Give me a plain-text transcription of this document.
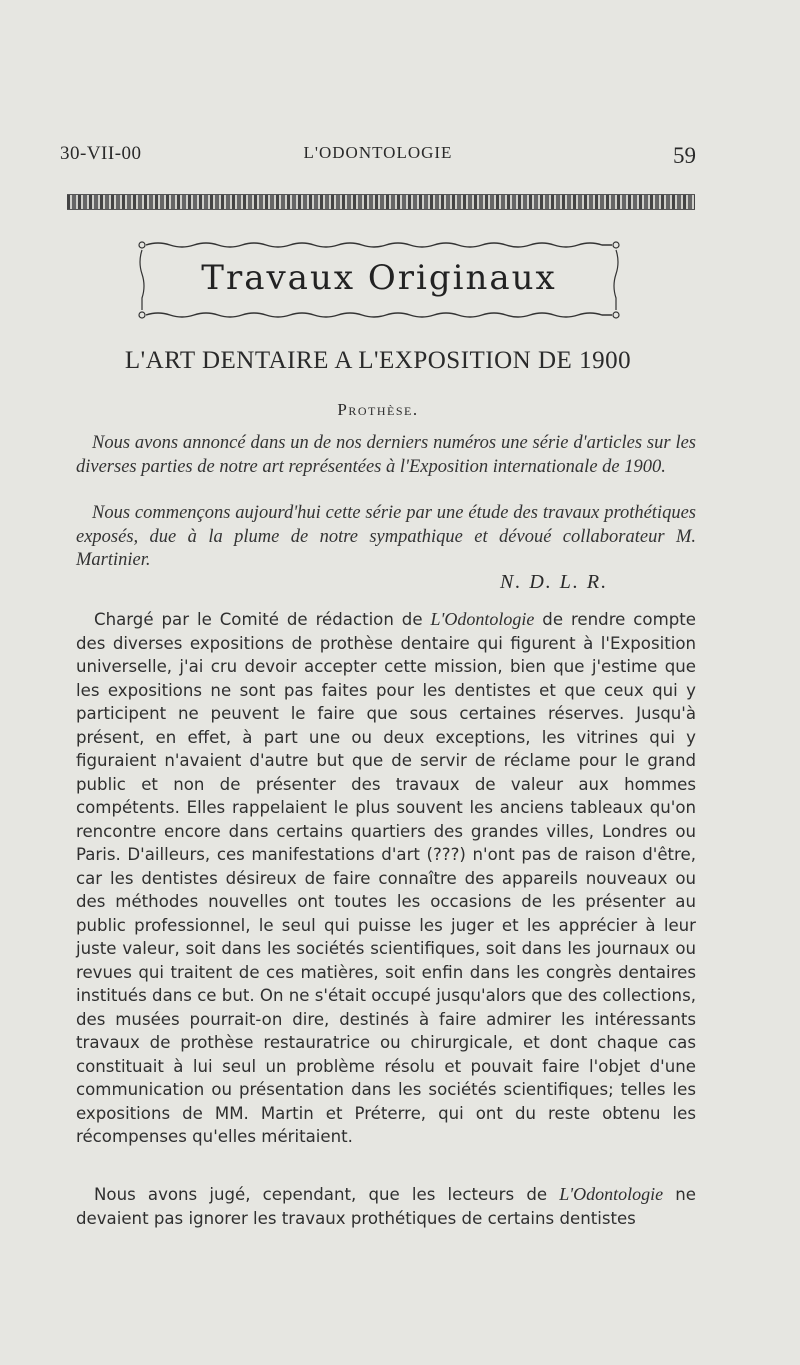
30-VII-00	L'ODONTOLOGIE	59
Travaux Originaux
L'ART DENTAIRE A L'EXPOSITION DE 1900
Prothèse.

Nous avons annoncé dans un de nos derniers numéros une série d'articles sur les diverses parties de notre art représentées à l'Exposition internationale de 1900.

Nous commençons aujourd'hui cette série par une étude des travaux prothétiques exposés, due à la plume de notre sympathique et dévoué collaborateur M. Martinier.

N. D. L. R.

Chargé par le Comité de rédaction de L'Odontologie de rendre compte des diverses expositions de prothèse dentaire qui figurent à l'Exposition universelle, j'ai cru devoir accepter cette mission, bien que j'estime que les expositions ne sont pas faites pour les dentistes et que ceux qui y participent ne peuvent le faire que sous certaines réserves. Jusqu'à présent, en effet, à part une ou deux exceptions, les vitrines qui y figuraient n'avaient d'autre but que de servir de réclame pour le grand public et non de présenter des travaux de valeur aux hommes compétents. Elles rappelaient le plus souvent les anciens tableaux qu'on rencontre encore dans certains quartiers des grandes villes, Londres ou Paris. D'ailleurs, ces manifestations d'art (???) n'ont pas de raison d'être, car les dentistes désireux de faire connaître des appareils nouveaux ou des méthodes nouvelles ont toutes les occasions de les présenter au public professionnel, le seul qui puisse les juger et les apprécier à leur juste valeur, soit dans les sociétés scientifiques, soit dans les journaux ou revues qui traitent de ces matières, soit enfin dans les congrès dentaires institués dans ce but. On ne s'était occupé jusqu'alors que des collections, des musées pourrait-on dire, destinés à faire admirer les intéressants travaux de prothèse restauratrice ou chirurgicale, et dont chaque cas constituait à lui seul un problème résolu et pouvait faire l'objet d'une communication ou présentation dans les sociétés scientifiques; telles les expositions de MM. Martin et Préterre, qui ont du reste obtenu les récompenses qu'elles méritaient.

Nous avons jugé, cependant, que les lecteurs de L'Odontologie ne devaient pas ignorer les travaux prothétiques de certains dentistes
